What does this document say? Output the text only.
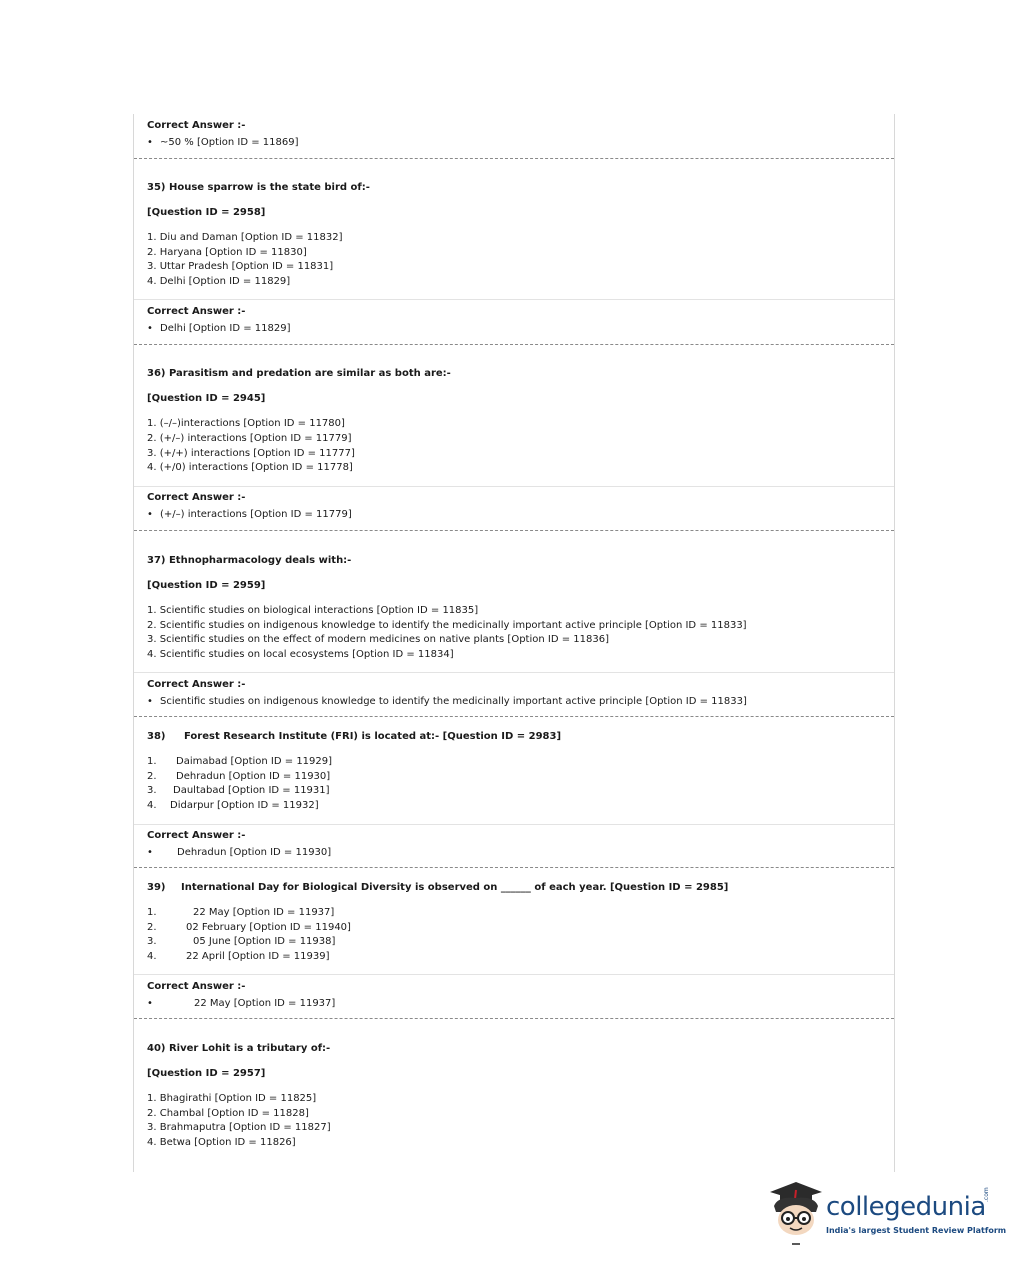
Correct Answer :-

• ~50 % [Option ID = 11869]

35) House sparrow is the state bird of:-

[Question ID = 2958]

1. Diu and Daman [Option ID = 11832]

2. Haryana [Option ID = 11830]

3. Uttar Pradesh [Option ID = 11831]

4. Delhi [Option ID = 11829]

Correct Answer :-

• Delhi [Option ID = 11829]

36) Parasitism and predation are similar as both are:-

[Question ID = 2945]

1. (–/–)interactions [Option ID = 11780]

2. (+/–) interactions [Option ID = 11779]

3. (+/+) interactions [Option ID = 11777]

4. (+/0) interactions [Option ID = 11778]

Correct Answer :-

• (+/–) interactions [Option ID = 11779]

37) Ethnopharmacology deals with:-

[Question ID = 2959]

1. Scientific studies on biological interactions [Option ID = 11835]

2. Scientific studies on indigenous knowledge to identify the medicinally important active principle [Option ID = 11833]

3. Scientific studies on the effect of modern medicines on native plants [Option ID = 11836]

4. Scientific studies on local ecosystems [Option ID = 11834]

Correct Answer :-

• Scientific studies on indigenous knowledge to identify the medicinally important active principle [Option ID = 11833]

38) Forest Research Institute (FRI) is located at:- [Question ID = 2983]

1. Daimabad [Option ID = 11929]

2. Dehradun [Option ID = 11930]

3. Daultabad [Option ID = 11931]

4. Didarpur [Option ID = 11932]

Correct Answer :-

• Dehradun [Option ID = 11930]

39) International Day for Biological Diversity is observed on ______ of each year. [Question ID = 2985]

1.	22 May [Option ID = 11937]

2.	02 February [Option ID = 11940]

3.	05 June [Option ID = 11938]

4.	22 April [Option ID = 11939]

Correct Answer :-

•	22 May [Option ID = 11937]

40) River Lohit is a tributary of:-

[Question ID = 2957]

1. Bhagirathi [Option ID = 11825]

2. Chambal [Option ID = 11828]

3. Brahmaputra [Option ID = 11827]

4. Betwa [Option ID = 11826]

collegedunia
.com
India's largest Student Review Platform
